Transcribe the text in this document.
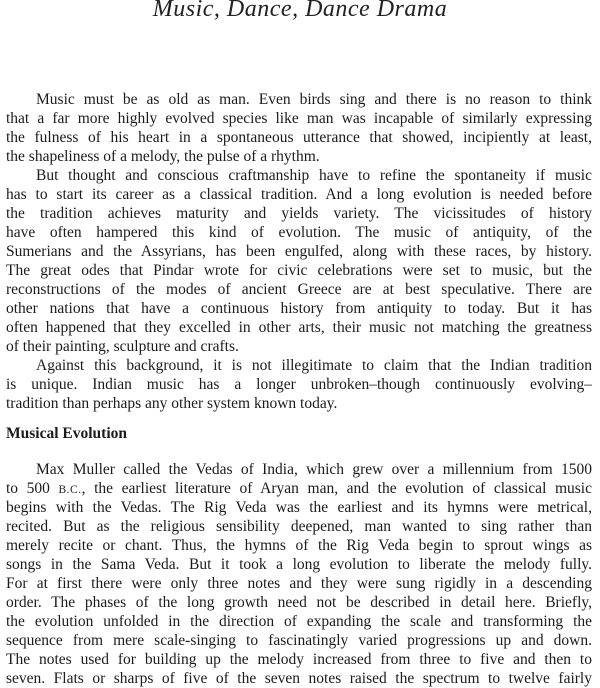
Music, Dance, Dance Drama
Music must be as old as man. Even birds sing and there is no reason to think
that a far more highly evolved species like man was incapable of similarly expressing
the fulness of his heart in a spontaneous utterance that showed, incipiently at least,
the shapeliness of a melody, the pulse of a rhythm.
But thought and conscious craftmanship have to refine the spontaneity if music
has to start its career as a classical tradition. And a long evolution is needed before
the tradition achieves maturity and yields variety. The vicissitudes of history
have often hampered this kind of evolution. The music of antiquity, of the
Sumerians and the Assyrians, has been engulfed, along with these races, by history.
The great odes that Pindar wrote for civic celebrations were set to music, but the
reconstructions of the modes of ancient Greece are at best speculative. There are
other nations that have a continuous history from antiquity to today. But it has
often happened that they excelled in other arts, their music not matching the greatness
of their painting, sculpture and crafts.
Against this background, it is not illegitimate to claim that the Indian tradition
is unique. Indian music has a longer unbroken–though continuously evolving–
tradition than perhaps any other system known today.
Musical Evolution
Max Muller called the Vedas of India, which grew over a millennium from 1500
to 500 B.C., the earliest literature of Aryan man, and the evolution of classical music
begins with the Vedas. The Rig Veda was the earliest and its hymns were metrical,
recited. But as the religious sensibility deepened, man wanted to sing rather than
merely recite or chant. Thus, the hymns of the Rig Veda begin to sprout wings as
songs in the Sama Veda. But it took a long evolution to liberate the melody fully.
For at first there were only three notes and they were sung rigidly in a descending
order. The phases of the long growth need not be described in detail here. Briefly,
the evolution unfolded in the direction of expanding the scale and transforming the
sequence from mere scale-singing to fascinatingly varied progressions up and down.
The notes used for building up the melody increased from three to five and then to
seven. Flats or sharps of five of the seven notes raised the spectrum to twelve fairly
